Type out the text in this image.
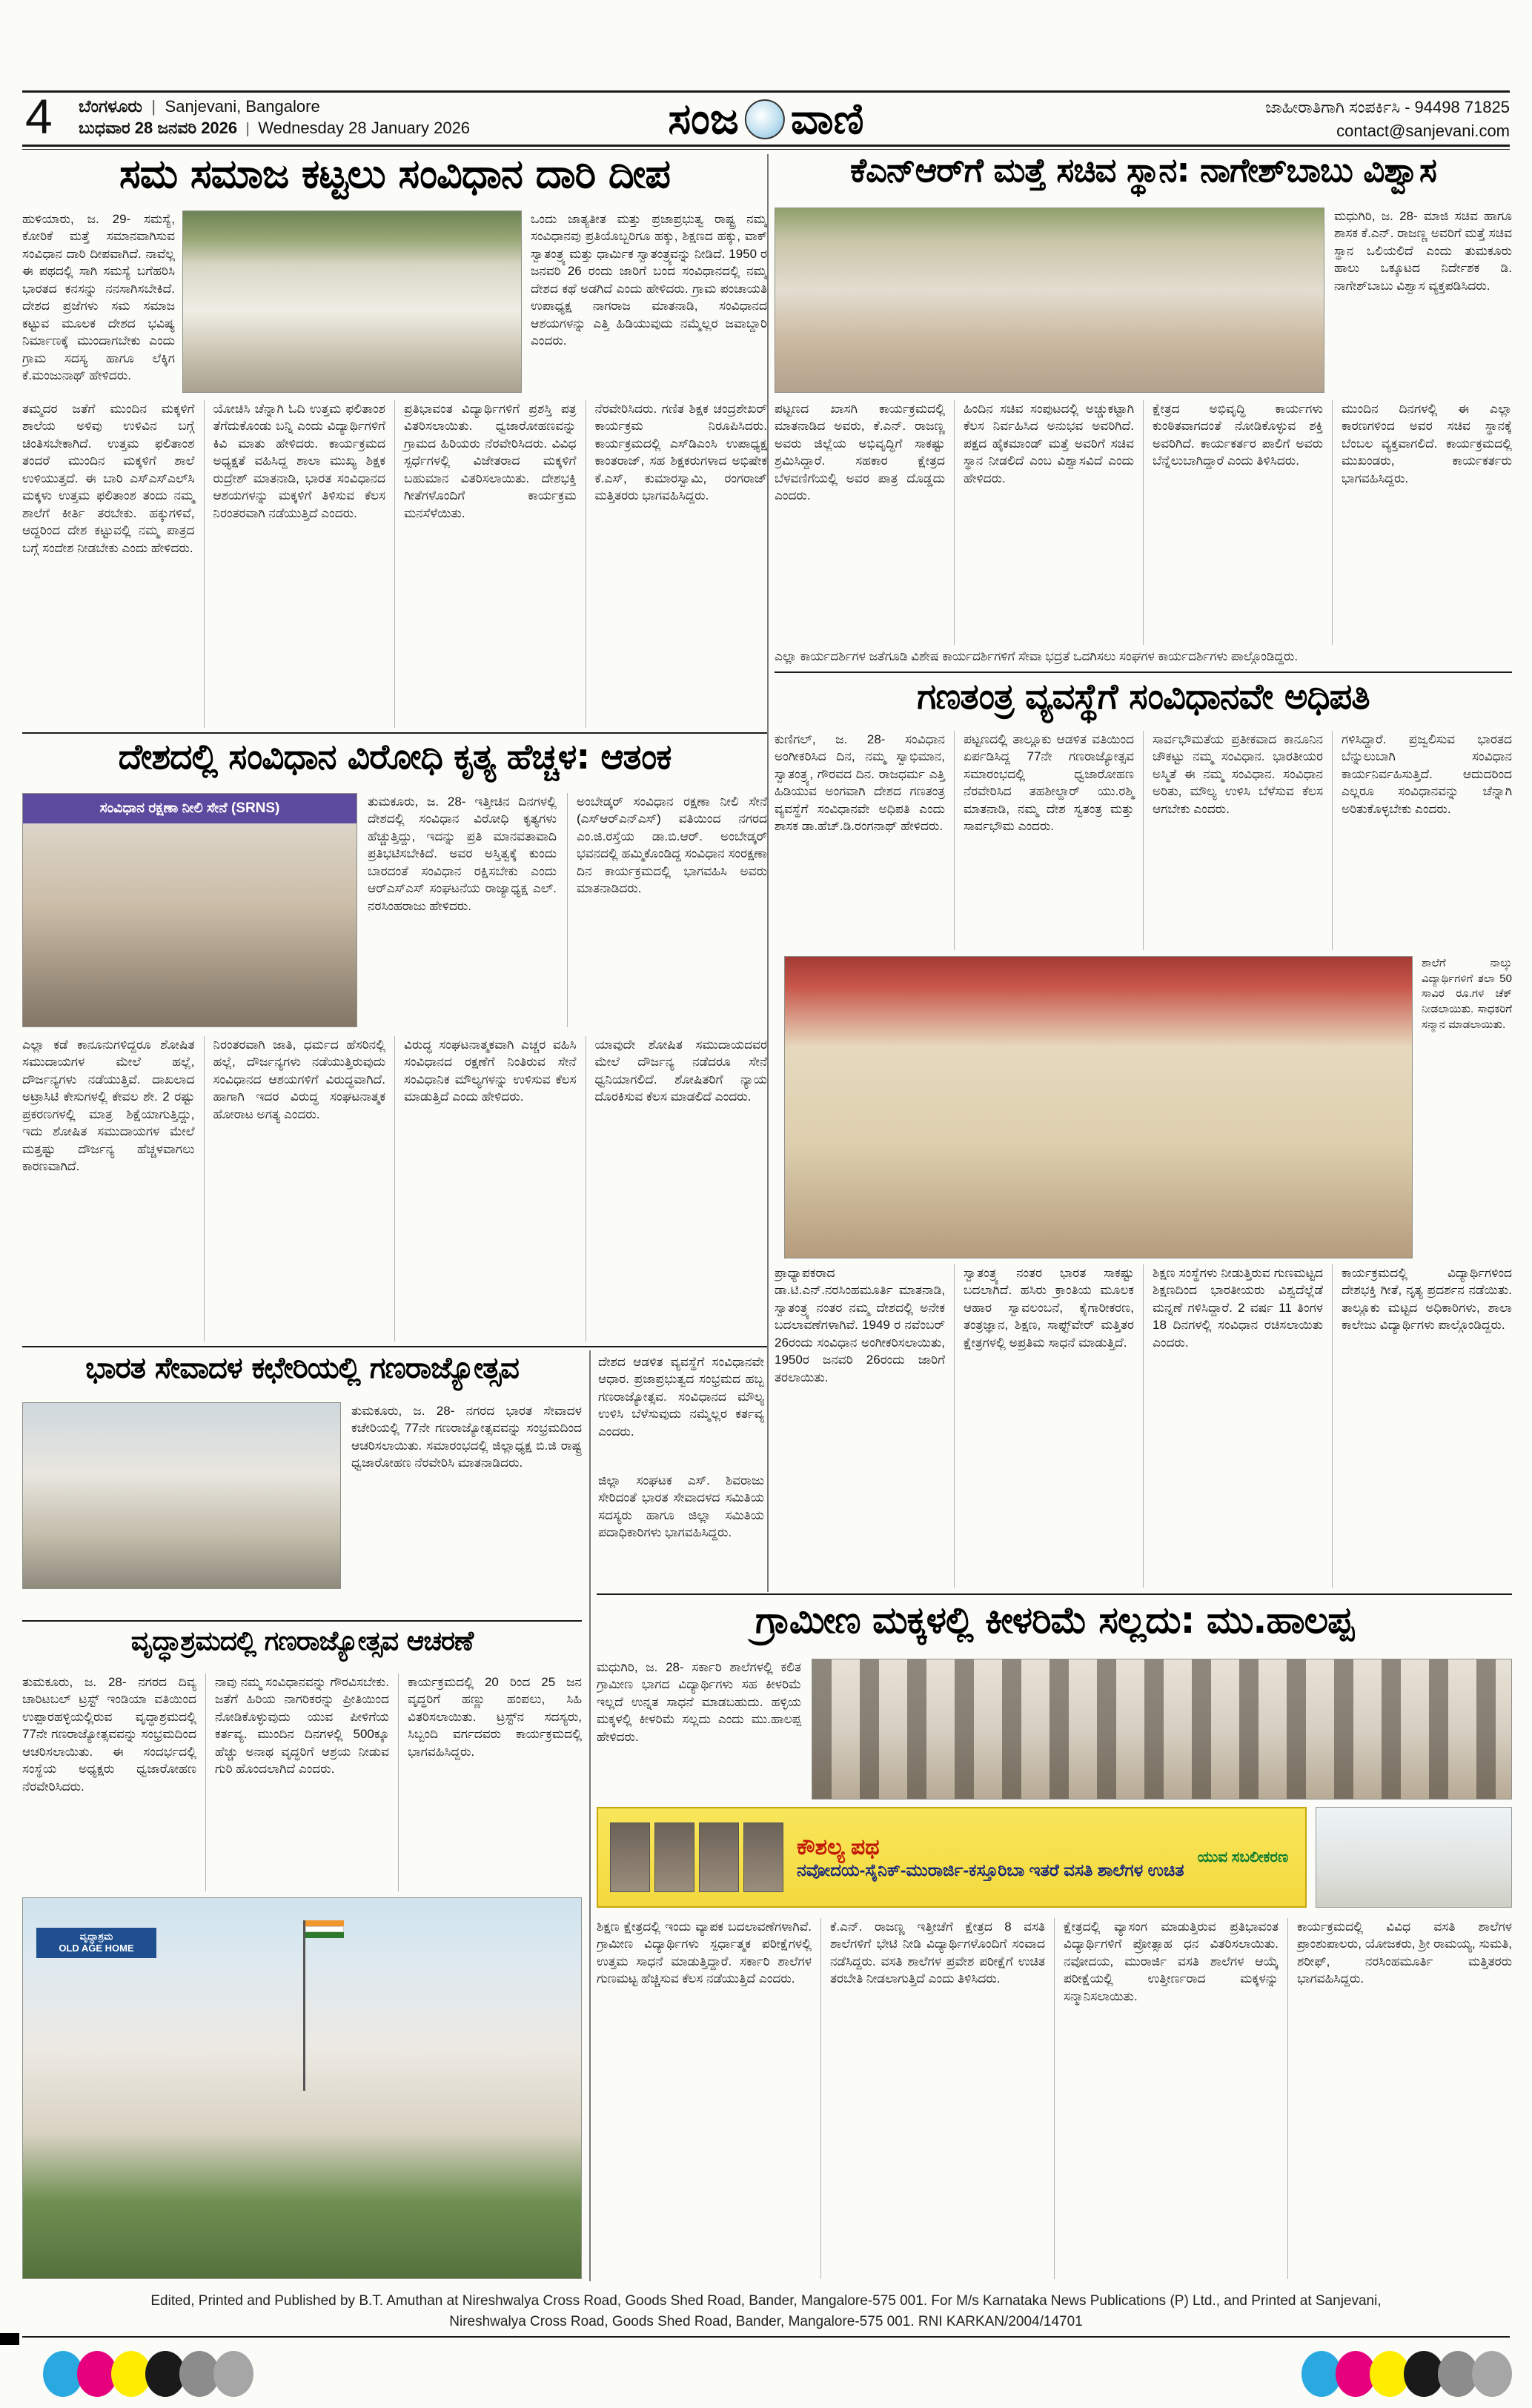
4 ಬೆಂಗಳೂರು | Sanjevani, Bangalore
ಬುಧವಾರ 28 ಜನವರಿ 2026 | Wednesday 28 January 2026	ಸಂಜ ವಾಣಿ	ಜಾಹೀರಾತಿಗಾಗಿ ಸಂಪರ್ಕಿಸಿ - 94498 71825
contact@sanjevani.com
ಸಮ ಸಮಾಜ ಕಟ್ಟಲು ಸಂವಿಧಾನ ದಾರಿ ದೀಪ
ಹುಳಿಯಾರು, ಜ. 29- ಸಮಸ್ಯೆ, ಕೋರಿಕೆ ಮತ್ತೆ ಸಮಾನವಾಗಿಸುವ ಸಂವಿಧಾನ ದಾರಿ ದೀಪವಾಗಿದೆ. ನಾವೆಲ್ಲ ಈ ಪಥದಲ್ಲಿ ಸಾಗಿ ಸಮಸ್ಯೆ ಬಗೆಹರಿಸಿ ಭಾರತದ ಕನಸನ್ನು ನನಸಾಗಿಸಬೇಕಿದೆ. ದೇಶದ ಪ್ರಜೆಗಳು ಸಮ ಸಮಾಜ ಕಟ್ಟುವ ಮೂಲಕ ದೇಶದ ಭವಿಷ್ಯ ನಿರ್ಮಾಣಕ್ಕೆ ಮುಂದಾಗಬೇಕು ಎಂದು ಗ್ರಾಮ ಸದಸ್ಯ ಹಾಗೂ ಲೆಕ್ಕಿಗ ಕೆ.ಮಂಜುನಾಥ್ ಹೇಳಿದರು.
ಒಂದು ಜಾತ್ಯತೀತ ಮತ್ತು ಪ್ರಜಾಪ್ರಭುತ್ವ ರಾಷ್ಟ್ರ ನಮ್ಮ ಸಂವಿಧಾನವು ಪ್ರತಿಯೊಬ್ಬರಿಗೂ ಹಕ್ಕು, ಶಿಕ್ಷಣದ ಹಕ್ಕು, ವಾಕ್ ಸ್ವಾತಂತ್ರ್ಯ ಮತ್ತು ಧಾರ್ಮಿಕ ಸ್ವಾತಂತ್ರ್ಯವನ್ನು ನೀಡಿದೆ. 1950 ರ ಜನವರಿ 26 ರಂದು ಜಾರಿಗೆ ಬಂದ ಸಂವಿಧಾನದಲ್ಲಿ ನಮ್ಮ ದೇಶದ ಕಥೆ ಅಡಗಿದೆ ಎಂದು ಹೇಳಿದರು. ಗ್ರಾಮ ಪಂಚಾಯತಿ ಉಪಾಧ್ಯಕ್ಷ ನಾಗರಾಜ ಮಾತನಾಡಿ, ಸಂವಿಧಾನದ ಆಶಯಗಳನ್ನು ಎತ್ತಿ ಹಿಡಿಯುವುದು ನಮ್ಮೆಲ್ಲರ ಜವಾಬ್ದಾರಿ ಎಂದರು.
ತಮ್ಮದರ ಜತೆಗೆ ಮುಂದಿನ ಮಕ್ಕಳಿಗೆ ಶಾಲೆಯ ಅಳಿವು ಉಳಿವಿನ ಬಗ್ಗೆ ಚಿಂತಿಸಬೇಕಾಗಿದೆ. ಉತ್ತಮ ಫಲಿತಾಂಶ ತಂದರೆ ಮುಂದಿನ ಮಕ್ಕಳಿಗೆ ಶಾಲೆ ಉಳಿಯುತ್ತದೆ. ಈ ಬಾರಿ ಎಸ್ಎಸ್ಎಲ್‌ಸಿ ಮಕ್ಕಳು ಉತ್ತಮ ಫಲಿತಾಂಶ ತಂದು ನಮ್ಮ ಶಾಲೆಗೆ ಕೀರ್ತಿ ತರಬೇಕು. ಹಕ್ಕುಗಳಿವೆ, ಆದ್ದರಿಂದ ದೇಶ ಕಟ್ಟುವಲ್ಲಿ ನಮ್ಮ ಪಾತ್ರದ ಬಗ್ಗೆ ಸಂದೇಶ ನೀಡಬೇಕು ಎಂದು ಹೇಳಿದರು.
ಯೋಚಿಸಿ ಚೆನ್ನಾಗಿ ಓದಿ ಉತ್ತಮ ಫಲಿತಾಂಶ ತೆಗೆದುಕೊಂಡು ಬನ್ನಿ ಎಂದು ವಿದ್ಯಾರ್ಥಿಗಳಿಗೆ ಕಿವಿ ಮಾತು ಹೇಳಿದರು. ಕಾರ್ಯಕ್ರಮದ ಅಧ್ಯಕ್ಷತೆ ವಹಿಸಿದ್ದ ಶಾಲಾ ಮುಖ್ಯ ಶಿಕ್ಷಕ ರುದ್ರೇಶ್ ಮಾತನಾಡಿ, ಭಾರತ ಸಂವಿಧಾನದ ಆಶಯಗಳನ್ನು ಮಕ್ಕಳಿಗೆ ತಿಳಿಸುವ ಕೆಲಸ ನಿರಂತರವಾಗಿ ನಡೆಯುತ್ತಿದೆ ಎಂದರು.
ಪ್ರತಿಭಾವಂತ ವಿದ್ಯಾರ್ಥಿಗಳಿಗೆ ಪ್ರಶಸ್ತಿ ಪತ್ರ ವಿತರಿಸಲಾಯಿತು. ಧ್ವಜಾರೋಹಣವನ್ನು ಗ್ರಾಮದ ಹಿರಿಯರು ನೆರವೇರಿಸಿದರು. ವಿವಿಧ ಸ್ಪರ್ಧೆಗಳಲ್ಲಿ ವಿಜೇತರಾದ ಮಕ್ಕಳಿಗೆ ಬಹುಮಾನ ವಿತರಿಸಲಾಯಿತು. ದೇಶಭಕ್ತಿ ಗೀತೆಗಳೊಂದಿಗೆ ಕಾರ್ಯಕ್ರಮ ಮನಸೆಳೆಯಿತು.
ನೆರವೇರಿಸಿದರು. ಗಣಿತ ಶಿಕ್ಷಕ ಚಂದ್ರಶೇಖರ್ ಕಾರ್ಯಕ್ರಮ ನಿರೂಪಿಸಿದರು. ಕಾರ್ಯಕ್ರಮದಲ್ಲಿ ಎಸ್‌ಡಿಎಂಸಿ ಉಪಾಧ್ಯಕ್ಷ ಕಾಂತರಾಜ್, ಸಹ ಶಿಕ್ಷಕರುಗಳಾದ ಅಭಿಷೇಕ ಕೆ.ಎಸ್, ಕುಮಾರಸ್ವಾಮಿ, ರಂಗರಾಜ್ ಮತ್ತಿತರರು ಭಾಗವಹಿಸಿದ್ದರು.
ದೇಶದಲ್ಲಿ ಸಂವಿಧಾನ ವಿರೋಧಿ ಕೃತ್ಯ ಹೆಚ್ಚಳ: ಆತಂಕ
ಸಂವಿಧಾನ ರಕ್ಷಣಾ ನೀಲಿ ಸೇನೆ (SRNS)	ತುಮಕೂರು, ಜ. 28- ಇತ್ತೀಚಿನ ದಿನಗಳಲ್ಲಿ ದೇಶದಲ್ಲಿ ಸಂವಿಧಾನ ವಿರೋಧಿ ಕೃತ್ಯಗಳು ಹೆಚ್ಚುತ್ತಿದ್ದು, ಇದನ್ನು ಪ್ರತಿ ಮಾನವತಾವಾದಿ ಪ್ರತಿಭಟಿಸಬೇಕಿದೆ. ಅವರ ಅಸ್ತಿತ್ವಕ್ಕೆ ಕುಂದು ಬಾರದಂತೆ ಸಂವಿಧಾನ ರಕ್ಷಿಸಬೇಕು ಎಂದು ಆರ್‌ಎಸ್‌ಎಸ್ ಸಂಘಟನೆಯ ರಾಜ್ಯಾಧ್ಯಕ್ಷ ಎಲ್. ನರಸಿಂಹರಾಜು ಹೇಳಿದರು.
ಅಂಬೇಡ್ಕರ್ ಸಂವಿಧಾನ ರಕ್ಷಣಾ ನೀಲಿ ಸೇನೆ (ಎಸ್‌ಆರ್‌ಎನ್‌ಎಸ್) ವತಿಯಿಂದ ನಗರದ ಎಂ.ಜಿ.ರಸ್ತೆಯ ಡಾ.ಬಿ.ಆರ್. ಅಂಬೇಡ್ಕರ್ ಭವನದಲ್ಲಿ ಹಮ್ಮಿಕೊಂಡಿದ್ದ ಸಂವಿಧಾನ ಸಂರಕ್ಷಣಾ ದಿನ ಕಾರ್ಯಕ್ರಮದಲ್ಲಿ ಭಾಗವಹಿಸಿ ಅವರು ಮಾತನಾಡಿದರು.
ಎಲ್ಲಾ ಕಡೆ ಕಾನೂನುಗಳಿದ್ದರೂ ಶೋಷಿತ ಸಮುದಾಯಗಳ ಮೇಲೆ ಹಲ್ಲೆ, ದೌರ್ಜನ್ಯಗಳು ನಡೆಯುತ್ತಿವೆ. ದಾಖಲಾದ ಅಟ್ರಾಸಿಟಿ ಕೇಸುಗಳಲ್ಲಿ ಕೇವಲ ಶೇ. 2 ರಷ್ಟು ಪ್ರಕರಣಗಳಲ್ಲಿ ಮಾತ್ರ ಶಿಕ್ಷೆಯಾಗುತ್ತಿದ್ದು, ಇದು ಶೋಷಿತ ಸಮುದಾಯಗಳ ಮೇಲೆ ಮತ್ತಷ್ಟು ದೌರ್ಜನ್ಯ ಹೆಚ್ಚಳವಾಗಲು ಕಾರಣವಾಗಿದೆ.
ನಿರಂತರವಾಗಿ ಜಾತಿ, ಧರ್ಮದ ಹೆಸರಿನಲ್ಲಿ ಹಲ್ಲೆ, ದೌರ್ಜನ್ಯಗಳು ನಡೆಯುತ್ತಿರುವುದು ಸಂವಿಧಾನದ ಆಶಯಗಳಿಗೆ ವಿರುದ್ಧವಾಗಿದೆ. ಹಾಗಾಗಿ ಇದರ ವಿರುದ್ಧ ಸಂಘಟನಾತ್ಮಕ ಹೋರಾಟ ಅಗತ್ಯ ಎಂದರು.
ವಿರುದ್ಧ ಸಂಘಟನಾತ್ಮಕವಾಗಿ ಎಚ್ಚರ ವಹಿಸಿ ಸಂವಿಧಾನದ ರಕ್ಷಣೆಗೆ ನಿಂತಿರುವ ಸೇನೆ ಸಂವಿಧಾನಿಕ ಮೌಲ್ಯಗಳನ್ನು ಉಳಿಸುವ ಕೆಲಸ ಮಾಡುತ್ತಿದೆ ಎಂದು ಹೇಳಿದರು.
ಯಾವುದೇ ಶೋಷಿತ ಸಮುದಾಯದವರ ಮೇಲೆ ದೌರ್ಜನ್ಯ ನಡೆದರೂ ಸೇನೆ ಧ್ವನಿಯಾಗಲಿದೆ. ಶೋಷಿತರಿಗೆ ನ್ಯಾಯ ದೊರಕಿಸುವ ಕೆಲಸ ಮಾಡಲಿದೆ ಎಂದರು.
ಭಾರತ ಸೇವಾದಳ ಕಛೇರಿಯಲ್ಲಿ ಗಣರಾಜ್ಯೋತ್ಸವ
ತುಮಕೂರು, ಜ. 28- ನಗರದ ಭಾರತ ಸೇವಾದಳ ಕಚೇರಿಯಲ್ಲಿ 77ನೇ ಗಣರಾಜ್ಯೋತ್ಸವವನ್ನು ಸಂಭ್ರಮದಿಂದ ಆಚರಿಸಲಾಯಿತು. ಸಮಾರಂಭದಲ್ಲಿ ಜಿಲ್ಲಾಧ್ಯಕ್ಷ ಬಿ.ಜಿ ರಾಷ್ಟ್ರ ಧ್ವಜಾರೋಹಣ ನೆರವೇರಿಸಿ ಮಾತನಾಡಿದರು.
ದೇಶದ ಆಡಳಿತ ವ್ಯವಸ್ಥೆಗೆ ಸಂವಿಧಾನವೇ ಆಧಾರ. ಪ್ರಜಾಪ್ರಭುತ್ವದ ಸಂಭ್ರಮದ ಹಬ್ಬ ಗಣರಾಜ್ಯೋತ್ಸವ. ಸಂವಿಧಾನದ ಮೌಲ್ಯ ಉಳಿಸಿ ಬೆಳೆಸುವುದು ನಮ್ಮೆಲ್ಲರ ಕರ್ತವ್ಯ ಎಂದರು.
ಜಿಲ್ಲಾ ಸಂಘಟಕ ಎಸ್. ಶಿವರಾಜು ಸೇರಿದಂತೆ ಭಾರತ ಸೇವಾದಳದ ಸಮಿತಿಯ ಸದಸ್ಯರು ಹಾಗೂ ಜಿಲ್ಲಾ ಸಮಿತಿಯ ಪದಾಧಿಕಾರಿಗಳು ಭಾಗವಹಿಸಿದ್ದರು.
ವೃದ್ಧಾಶ್ರಮದಲ್ಲಿ ಗಣರಾಜ್ಯೋತ್ಸವ ಆಚರಣೆ
ತುಮಕೂರು, ಜ. 28- ನಗರದ ದಿವ್ಯ ಚಾರಿಟಬಲ್ ಟ್ರಸ್ಟ್ ಇಂಡಿಯಾ ವತಿಯಿಂದ ಉಪ್ಪಾರಹಳ್ಳಿಯಲ್ಲಿರುವ ವೃದ್ಧಾಶ್ರಮದಲ್ಲಿ 77ನೇ ಗಣರಾಜ್ಯೋತ್ಸವವನ್ನು ಸಂಭ್ರಮದಿಂದ ಆಚರಿಸಲಾಯಿತು. ಈ ಸಂದರ್ಭದಲ್ಲಿ ಸಂಸ್ಥೆಯ ಅಧ್ಯಕ್ಷರು ಧ್ವಜಾರೋಹಣ ನೆರವೇರಿಸಿದರು.
ನಾವು ನಮ್ಮ ಸಂವಿಧಾನವನ್ನು ಗೌರವಿಸಬೇಕು. ಜತೆಗೆ ಹಿರಿಯ ನಾಗರಿಕರನ್ನು ಪ್ರೀತಿಯಿಂದ ನೋಡಿಕೊಳ್ಳುವುದು ಯುವ ಪೀಳಿಗೆಯ ಕರ್ತವ್ಯ. ಮುಂದಿನ ದಿನಗಳಲ್ಲಿ 500ಕ್ಕೂ ಹೆಚ್ಚು ಅನಾಥ ವೃದ್ಧರಿಗೆ ಆಶ್ರಯ ನೀಡುವ ಗುರಿ ಹೊಂದಲಾಗಿದೆ ಎಂದರು.
ಕಾರ್ಯಕ್ರಮದಲ್ಲಿ 20 ರಿಂದ 25 ಜನ ವೃದ್ಧರಿಗೆ ಹಣ್ಣು ಹಂಪಲು, ಸಿಹಿ ವಿತರಿಸಲಾಯಿತು. ಟ್ರಸ್ಟ್‌ನ ಸದಸ್ಯರು, ಸಿಬ್ಬಂದಿ ವರ್ಗದವರು ಕಾರ್ಯಕ್ರಮದಲ್ಲಿ ಭಾಗವಹಿಸಿದ್ದರು.
ವೃದ್ಧಾಶ್ರಮ
OLD AGE HOME
ಕೆಎನ್‌ಆರ್‌ಗೆ ಮತ್ತೆ ಸಚಿವ ಸ್ಥಾನ: ನಾಗೇಶ್‌ಬಾಬು ವಿಶ್ವಾಸ
ಮಧುಗಿರಿ, ಜ. 28- ಮಾಜಿ ಸಚಿವ ಹಾಗೂ ಶಾಸಕ ಕೆ.ಎನ್. ರಾಜಣ್ಣ ಅವರಿಗೆ ಮತ್ತೆ ಸಚಿವ ಸ್ಥಾನ ಒಲಿಯಲಿದೆ ಎಂದು ತುಮಕೂರು ಹಾಲು ಒಕ್ಕೂಟದ ನಿರ್ದೇಶಕ ಡಿ. ನಾಗೇಶ್‌ಬಾಬು ವಿಶ್ವಾಸ ವ್ಯಕ್ತಪಡಿಸಿದರು.
ಪಟ್ಟಣದ ಖಾಸಗಿ ಕಾರ್ಯಕ್ರಮದಲ್ಲಿ ಮಾತನಾಡಿದ ಅವರು, ಕೆ.ಎನ್. ರಾಜಣ್ಣ ಅವರು ಜಿಲ್ಲೆಯ ಅಭಿವೃದ್ಧಿಗೆ ಸಾಕಷ್ಟು ಶ್ರಮಿಸಿದ್ದಾರೆ. ಸಹಕಾರ ಕ್ಷೇತ್ರದ ಬೆಳವಣಿಗೆಯಲ್ಲಿ ಅವರ ಪಾತ್ರ ದೊಡ್ಡದು ಎಂದರು.
ಹಿಂದಿನ ಸಚಿವ ಸಂಪುಟದಲ್ಲಿ ಅಚ್ಚುಕಟ್ಟಾಗಿ ಕೆಲಸ ನಿರ್ವಹಿಸಿದ ಅನುಭವ ಅವರಿಗಿದೆ. ಪಕ್ಷದ ಹೈಕಮಾಂಡ್ ಮತ್ತೆ ಅವರಿಗೆ ಸಚಿವ ಸ್ಥಾನ ನೀಡಲಿದೆ ಎಂಬ ವಿಶ್ವಾಸವಿದೆ ಎಂದು ಹೇಳಿದರು.
ಕ್ಷೇತ್ರದ ಅಭಿವೃದ್ಧಿ ಕಾರ್ಯಗಳು ಕುಂಠಿತವಾಗದಂತೆ ನೋಡಿಕೊಳ್ಳುವ ಶಕ್ತಿ ಅವರಿಗಿದೆ. ಕಾರ್ಯಕರ್ತರ ಪಾಲಿಗೆ ಅವರು ಬೆನ್ನೆಲುಬಾಗಿದ್ದಾರೆ ಎಂದು ತಿಳಿಸಿದರು.
ಮುಂದಿನ ದಿನಗಳಲ್ಲಿ ಈ ಎಲ್ಲಾ ಕಾರಣಗಳಿಂದ ಅವರ ಸಚಿವ ಸ್ಥಾನಕ್ಕೆ ಬೆಂಬಲ ವ್ಯಕ್ತವಾಗಲಿದೆ. ಕಾರ್ಯಕ್ರಮದಲ್ಲಿ ಮುಖಂಡರು, ಕಾರ್ಯಕರ್ತರು ಭಾಗವಹಿಸಿದ್ದರು.
ಎಲ್ಲಾ ಕಾರ್ಯದರ್ಶಿಗಳ ಜತೆಗೂಡಿ ವಿಶೇಷ ಕಾರ್ಯದರ್ಶಿಗಳಿಗೆ ಸೇವಾ ಭದ್ರತೆ ಒದಗಿಸಲು ಸಂಘಗಳ ಕಾರ್ಯದರ್ಶಿಗಳು ಪಾಲ್ಗೊಂಡಿದ್ದರು.
ಗಣತಂತ್ರ ವ್ಯವಸ್ಥೆಗೆ ಸಂವಿಧಾನವೇ ಅಧಿಪತಿ
ಕುಣಿಗಲ್, ಜ. 28- ಸಂವಿಧಾನ ಅಂಗೀಕರಿಸಿದ ದಿನ, ನಮ್ಮ ಸ್ವಾಭಿಮಾನ, ಸ್ವಾತಂತ್ರ್ಯ, ಗೌರವದ ದಿನ. ರಾಜಧರ್ಮ ಎತ್ತಿ ಹಿಡಿಯುವ ಅಂಗವಾಗಿ ದೇಶದ ಗಣತಂತ್ರ ವ್ಯವಸ್ಥೆಗೆ ಸಂವಿಧಾನವೇ ಅಧಿಪತಿ ಎಂದು ಶಾಸಕ ಡಾ.ಹೆಚ್.ಡಿ.ರಂಗನಾಥ್ ಹೇಳಿದರು.
ಪಟ್ಟಣದಲ್ಲಿ ತಾಲ್ಲೂಕು ಆಡಳಿತ ವತಿಯಿಂದ ಏರ್ಪಡಿಸಿದ್ದ 77ನೇ ಗಣರಾಜ್ಯೋತ್ಸವ ಸಮಾರಂಭದಲ್ಲಿ ಧ್ವಜಾರೋಹಣ ನೆರವೇರಿಸಿದ ತಹಶೀಲ್ದಾರ್ ಯು.ರಶ್ಮಿ ಮಾತನಾಡಿ, ನಮ್ಮ ದೇಶ ಸ್ವತಂತ್ರ ಮತ್ತು ಸಾರ್ವಭೌಮ ಎಂದರು.
ಸಾರ್ವಭೌಮತೆಯ ಪ್ರತೀಕವಾದ ಕಾನೂನಿನ ಚೌಕಟ್ಟು ನಮ್ಮ ಸಂವಿಧಾನ. ಭಾರತೀಯರ ಅಸ್ಮಿತೆ ಈ ನಮ್ಮ ಸಂವಿಧಾನ. ಸಂವಿಧಾನ ಅರಿತು, ಮೌಲ್ಯ ಉಳಿಸಿ ಬೆಳೆಸುವ ಕೆಲಸ ಆಗಬೇಕು ಎಂದರು.
ಗಳಿಸಿದ್ದಾರೆ. ಪ್ರಜ್ವಲಿಸುವ ಭಾರತದ ಬೆನ್ನುಲುಬಾಗಿ ಸಂವಿಧಾನ ಕಾರ್ಯನಿರ್ವಹಿಸುತ್ತಿದೆ. ಆದುದರಿಂದ ಎಲ್ಲರೂ ಸಂವಿಧಾನವನ್ನು ಚೆನ್ನಾಗಿ ಅರಿತುಕೊಳ್ಳಬೇಕು ಎಂದರು.
ಶಾಲೆಗೆ ನಾಲ್ಕು ವಿದ್ಯಾರ್ಥಿಗಳಿಗೆ ತಲಾ 50 ಸಾವಿರ ರೂ.ಗಳ ಚೆಕ್ ನೀಡಲಾಯಿತು. ಸಾಧಕರಿಗೆ ಸನ್ಮಾನ ಮಾಡಲಾಯಿತು.
ಪ್ರಾಧ್ಯಾಪಕರಾದ ಡಾ.ಟಿ.ಎನ್.ನರಸಿಂಹಮೂರ್ತಿ ಮಾತನಾಡಿ, ಸ್ವಾತಂತ್ರ್ಯ ನಂತರ ನಮ್ಮ ದೇಶದಲ್ಲಿ ಅನೇಕ ಬದಲಾವಣೆಗಳಾಗಿವೆ. 1949 ರ ನವೆಂಬರ್ 26ರಂದು ಸಂವಿಧಾನ ಅಂಗೀಕರಿಸಲಾಯಿತು, 1950ರ ಜನವರಿ 26ರಂದು ಜಾರಿಗೆ ತರಲಾಯಿತು.
ಸ್ವಾತಂತ್ರ್ಯ ನಂತರ ಭಾರತ ಸಾಕಷ್ಟು ಬದಲಾಗಿದೆ. ಹಸಿರು ಕ್ರಾಂತಿಯ ಮೂಲಕ ಆಹಾರ ಸ್ವಾವಲಂಬನೆ, ಕೈಗಾರೀಕರಣ, ತಂತ್ರಜ್ಞಾನ, ಶಿಕ್ಷಣ, ಸಾಫ್ಟ್‌ವೇರ್ ಮತ್ತಿತರ ಕ್ಷೇತ್ರಗಳಲ್ಲಿ ಅಪ್ರತಿಮ ಸಾಧನೆ ಮಾಡುತ್ತಿದೆ.
ಶಿಕ್ಷಣ ಸಂಸ್ಥೆಗಳು ನೀಡುತ್ತಿರುವ ಗುಣಮಟ್ಟದ ಶಿಕ್ಷಣದಿಂದ ಭಾರತೀಯರು ವಿಶ್ವದೆಲ್ಲೆಡೆ ಮನ್ನಣೆ ಗಳಿಸಿದ್ದಾರೆ. 2 ವರ್ಷ 11 ತಿಂಗಳ 18 ದಿನಗಳಲ್ಲಿ ಸಂವಿಧಾನ ರಚಿಸಲಾಯಿತು ಎಂದರು.
ಕಾರ್ಯಕ್ರಮದಲ್ಲಿ ವಿದ್ಯಾರ್ಥಿಗಳಿಂದ ದೇಶಭಕ್ತಿ ಗೀತೆ, ನೃತ್ಯ ಪ್ರದರ್ಶನ ನಡೆಯಿತು. ತಾಲ್ಲೂಕು ಮಟ್ಟದ ಅಧಿಕಾರಿಗಳು, ಶಾಲಾ ಕಾಲೇಜು ವಿದ್ಯಾರ್ಥಿಗಳು ಪಾಲ್ಗೊಂಡಿದ್ದರು.
ಗ್ರಾಮೀಣ ಮಕ್ಕಳಲ್ಲಿ ಕೀಳರಿಮೆ ಸಲ್ಲದು: ಮು.ಹಾಲಪ್ಪ
ಮಧುಗಿರಿ, ಜ. 28- ಸರ್ಕಾರಿ ಶಾಲೆಗಳಲ್ಲಿ ಕಲಿತ ಗ್ರಾಮೀಣ ಭಾಗದ ವಿದ್ಯಾರ್ಥಿಗಳು ಸಹ ಕೀಳರಿಮೆ ಇಲ್ಲದೆ ಉನ್ನತ ಸಾಧನೆ ಮಾಡಬಹುದು. ಹಳ್ಳಿಯ ಮಕ್ಕಳಲ್ಲಿ ಕೀಳರಿಮೆ ಸಲ್ಲದು ಎಂದು ಮು.ಹಾಲಪ್ಪ ಹೇಳಿದರು.
ಕೌಶಲ್ಯ ಪಥ
ನವೋದಯ-ಸೈನಿಕ್-ಮುರಾರ್ಜಿ-ಕಸ್ತೂರಿಬಾ ಇತರೆ ವಸತಿ ಶಾಲೆಗಳ ಉಚಿತ
ಯುವ ಸಬಲೀಕರಣ
ಶಿಕ್ಷಣ ಕ್ಷೇತ್ರದಲ್ಲಿ ಇಂದು ವ್ಯಾಪಕ ಬದಲಾವಣೆಗಳಾಗಿವೆ. ಗ್ರಾಮೀಣ ವಿದ್ಯಾರ್ಥಿಗಳು ಸ್ಪರ್ಧಾತ್ಮಕ ಪರೀಕ್ಷೆಗಳಲ್ಲಿ ಉತ್ತಮ ಸಾಧನೆ ಮಾಡುತ್ತಿದ್ದಾರೆ. ಸರ್ಕಾರಿ ಶಾಲೆಗಳ ಗುಣಮಟ್ಟ ಹೆಚ್ಚಿಸುವ ಕೆಲಸ ನಡೆಯುತ್ತಿದೆ ಎಂದರು.
ಕೆ.ಎನ್. ರಾಜಣ್ಣ ಇತ್ತೀಚೆಗೆ ಕ್ಷೇತ್ರದ 8 ವಸತಿ ಶಾಲೆಗಳಿಗೆ ಭೇಟಿ ನೀಡಿ ವಿದ್ಯಾರ್ಥಿಗಳೊಂದಿಗೆ ಸಂವಾದ ನಡೆಸಿದ್ದರು. ವಸತಿ ಶಾಲೆಗಳ ಪ್ರವೇಶ ಪರೀಕ್ಷೆಗೆ ಉಚಿತ ತರಬೇತಿ ನೀಡಲಾಗುತ್ತಿದೆ ಎಂದು ತಿಳಿಸಿದರು.
ಕ್ಷೇತ್ರದಲ್ಲಿ ವ್ಯಾಸಂಗ ಮಾಡುತ್ತಿರುವ ಪ್ರತಿಭಾವಂತ ವಿದ್ಯಾರ್ಥಿಗಳಿಗೆ ಪ್ರೋತ್ಸಾಹ ಧನ ವಿತರಿಸಲಾಯಿತು. ನವೋದಯ, ಮುರಾರ್ಜಿ ವಸತಿ ಶಾಲೆಗಳ ಆಯ್ಕೆ ಪರೀಕ್ಷೆಯಲ್ಲಿ ಉತ್ತೀರ್ಣರಾದ ಮಕ್ಕಳನ್ನು ಸನ್ಮಾನಿಸಲಾಯಿತು.
ಕಾರ್ಯಕ್ರಮದಲ್ಲಿ ವಿವಿಧ ವಸತಿ ಶಾಲೆಗಳ ಪ್ರಾಂಶುಪಾಲರು, ಯೋಜಕರು, ಶ್ರೀ ರಾಮಯ್ಯ, ಸುಮತಿ, ಶರೀಫ್, ನರಸಿಂಹಮೂರ್ತಿ ಮತ್ತಿತರರು ಭಾಗವಹಿಸಿದ್ದರು.
Edited, Printed and Published by B.T. Amuthan at Nireshwalya Cross Road, Goods Shed Road, Bander, Mangalore-575 001. For M/s Karnataka News Publications (P) Ltd., and Printed at Sanjevani,
Nireshwalya Cross Road, Goods Shed Road, Bander, Mangalore-575 001. RNI KARKAN/2004/14701
